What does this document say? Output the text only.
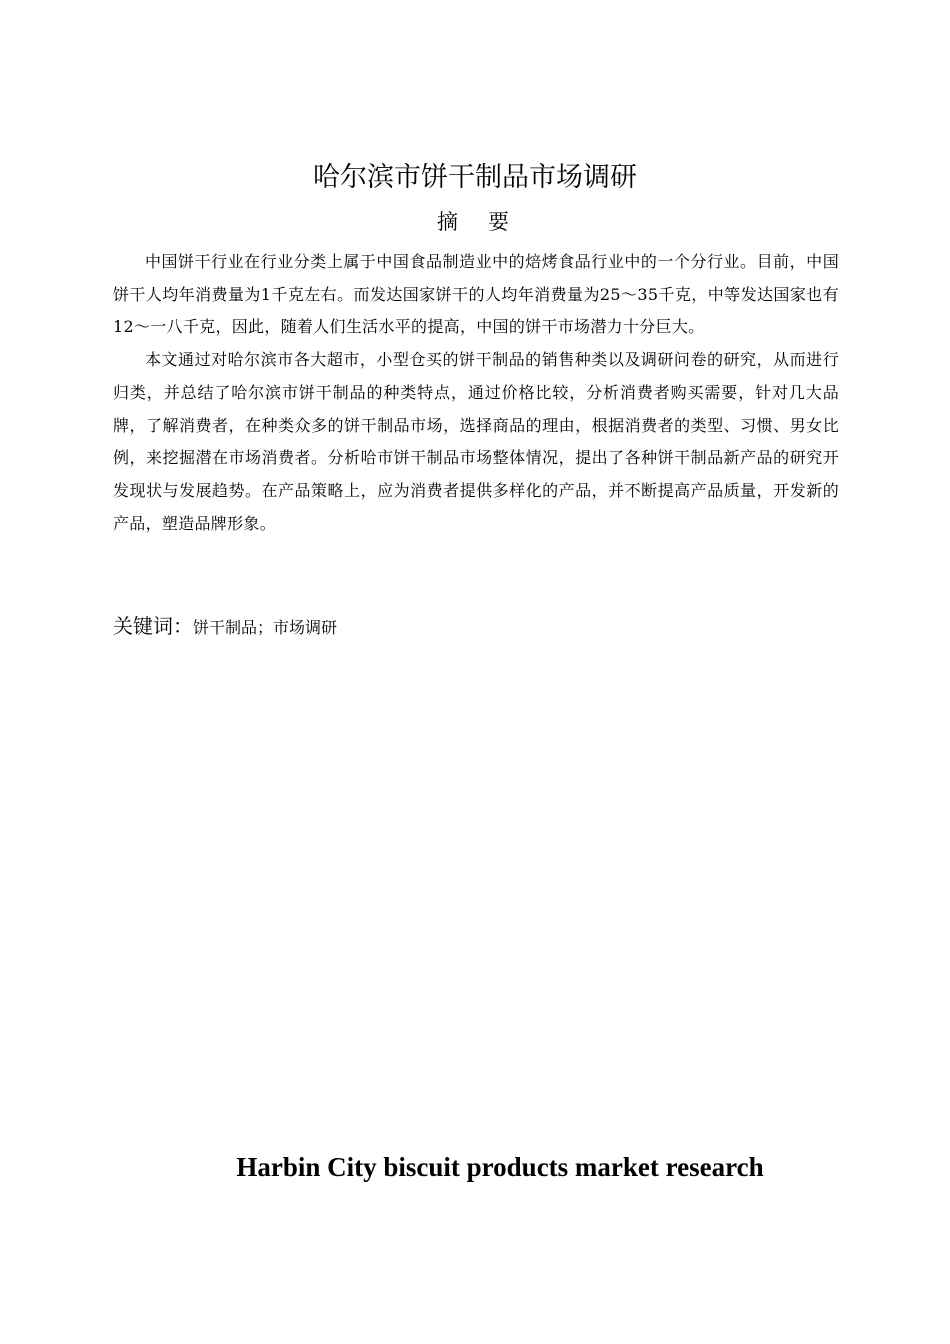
哈尔滨市饼干制品市场调研
摘要

中国饼干行业在行业分类上属于中国食品制造业中的焙烤食品行业中的一个分行业。目前，中国饼干人均年消费量为1千克左右。而发达国家饼干的人均年消费量为25～35千克，中等发达国家也有12～一八千克，因此，随着人们生活水平的提高，中国的饼干市场潜力十分巨大。

本文通过对哈尔滨市各大超市，小型仓买的饼干制品的销售种类以及调研问卷的研究，从而进行归类，并总结了哈尔滨市饼干制品的种类特点，通过价格比较，分析消费者购买需要，针对几大品牌，了解消费者，在种类众多的饼干制品市场，选择商品的理由，根据消费者的类型、习惯、男女比例，来挖掘潜在市场消费者。分析哈市饼干制品市场整体情况，提出了各种饼干制品新产品的研究开发现状与发展趋势。在产品策略上，应为消费者提供多样化的产品，并不断提高产品质量，开发新的产品，塑造品牌形象。

关键词：饼干制品；市场调研

Harbin City biscuit products market research
